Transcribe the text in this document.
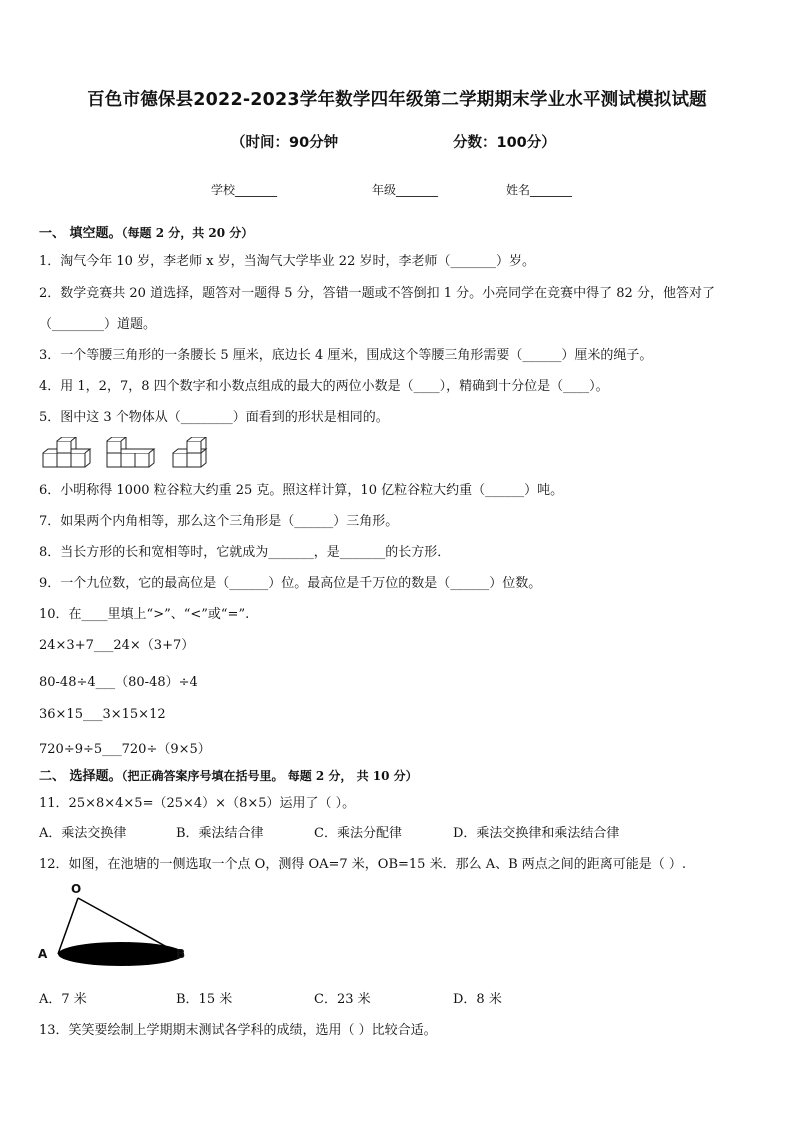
百色市德保县2022-2023学年数学四年级第二学期期末学业水平测试模拟试题
（时间：90分钟	分数：100分）
学校_______	年级_______	姓名_______
一、 填空题。（每题 2 分，共 20 分）
1．淘气今年 10 岁，李老师 x 岁，当淘气大学毕业 22 岁时，李老师（_______）岁。
2．数学竞赛共 20 道选择，题答对一题得 5 分，答错一题或不答倒扣 1 分。小亮同学在竞赛中得了 82 分，他答对了
（________）道题。
3．一个等腰三角形的一条腰长 5 厘米，底边长 4 厘米，围成这个等腰三角形需要（______）厘米的绳子。
4．用 1，2，7，8 四个数字和小数点组成的最大的两位小数是（____），精确到十分位是（____）。
5．图中这 3 个物体从（________）面看到的形状是相同的。
6．小明称得 1000 粒谷粒大约重 25 克。照这样计算，10 亿粒谷粒大约重（______）吨。
7．如果两个内角相等，那么这个三角形是（______）三角形。
8．当长方形的长和宽相等时，它就成为_______，是_______的长方形．
9．一个九位数，它的最高位是（______）位。最高位是千万位的数是（______）位数。
10．在____里填上“>”、“<”或“=”.
24×3+7___24×（3+7）
80-48÷4___（80-48）÷4
36×15___3×15×12
720÷9÷5___720÷（9×5）
二、 选择题。（把正确答案序号填在括号里。 每题 2 分， 共 10 分）
11．25×8×4×5=（25×4）×（8×5）运用了（ ）。
A．乘法交换律	B．乘法结合律	C．乘法分配律	D．乘法交换律和乘法结合律
12．如图，在池塘的一侧选取一个点 O，测得 OA=7 米，OB=15 米．那么 A、B 两点之间的距离可能是（ ）.
O
A	B
A．7 米	B．15 米	C．23 米	D．8 米
13．笑笑要绘制上学期期末测试各学科的成绩，选用（ ）比较合适。
